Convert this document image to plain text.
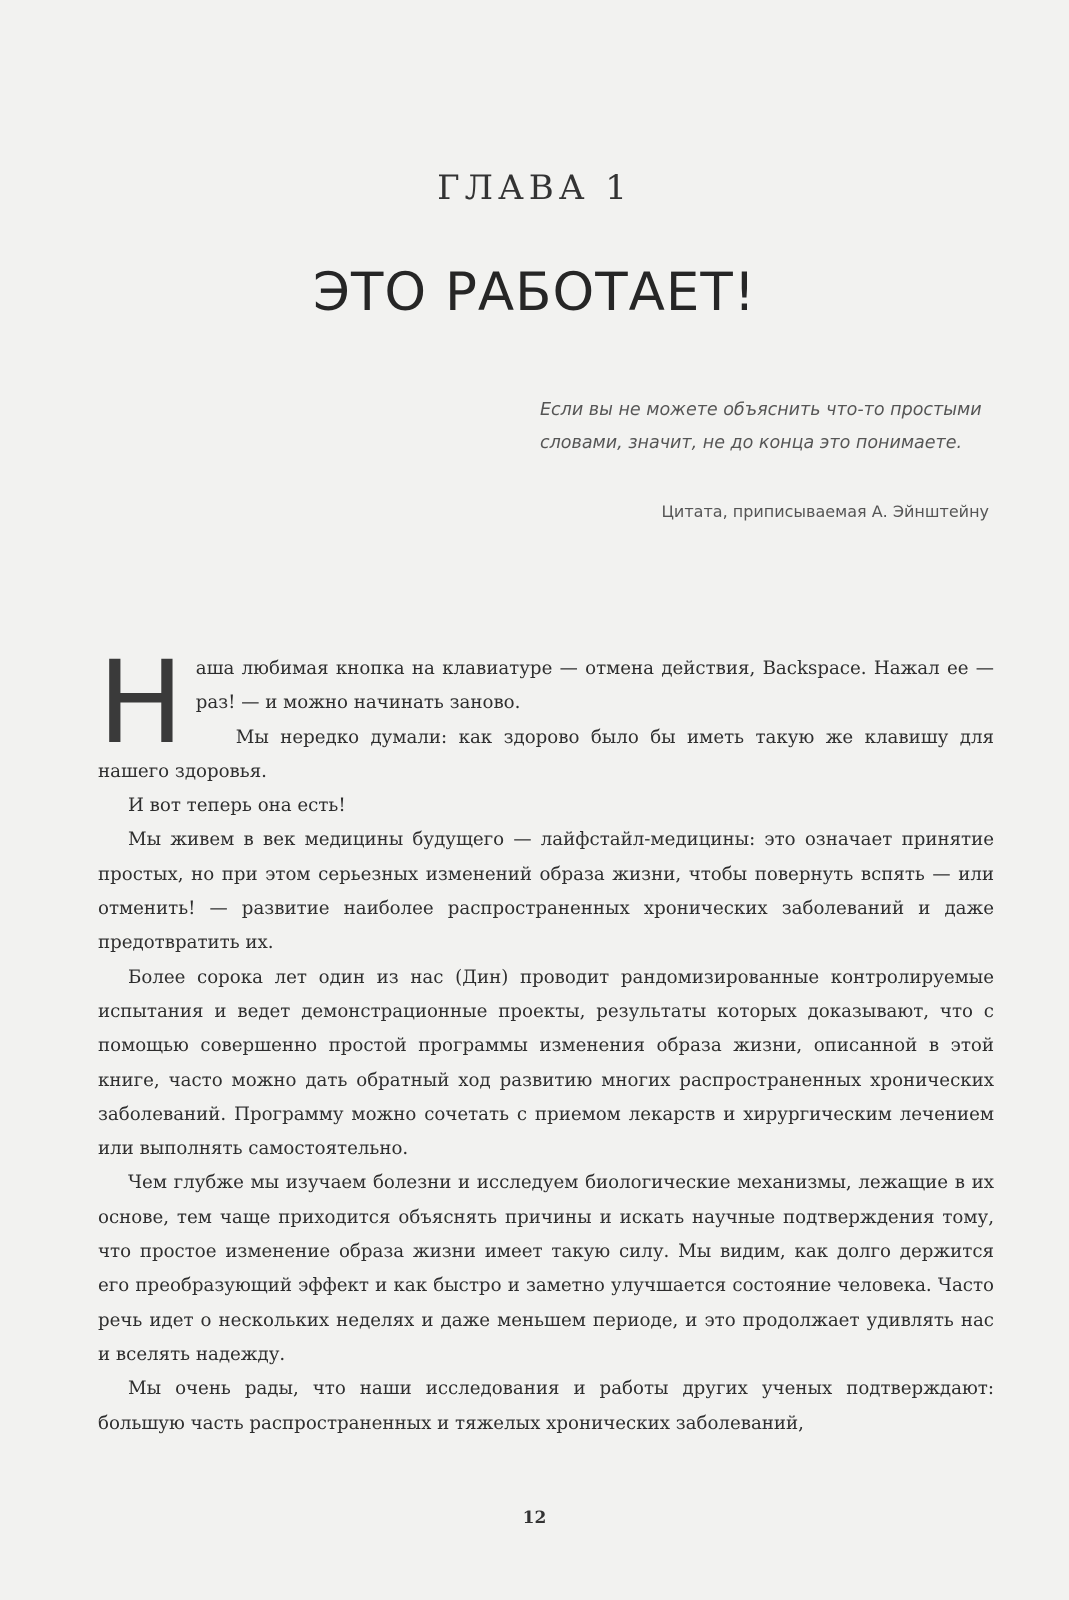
ГЛАВА 1
ЭТО РАБОТАЕТ!
Если вы не можете объяснить что-то простыми словами, значит, не до конца это понимаете.
Цитата, приписываемая А. Эйнштейну
Н аша любимая кнопка на клавиатуре — отмена действия, Backspace. Нажал ее — раз! — и можно начинать заново.

Мы нередко думали: как здорово было бы иметь такую же клавишу для нашего здоровья.

И вот теперь она есть!

Мы живем в век медицины будущего — лайфстайл-медицины: это означает принятие простых, но при этом серьезных изменений образа жизни, чтобы повернуть вспять — или отменить! — развитие наиболее распространенных хронических заболеваний и даже предотвратить их.

Более сорока лет один из нас (Дин) проводит рандомизированные контролируемые испытания и ведет демонстрационные проекты, результаты которых доказывают, что с помощью совершенно простой программы изменения образа жизни, описанной в этой книге, часто можно дать обратный ход развитию многих распространенных хронических заболеваний. Программу можно сочетать с приемом лекарств и хирургическим лечением или выполнять самостоятельно.

Чем глубже мы изучаем болезни и исследуем биологические механизмы, лежащие в их основе, тем чаще приходится объяснять причины и искать научные подтверждения тому, что простое изменение образа жизни имеет такую силу. Мы видим, как долго держится его преобразующий эффект и как быстро и заметно улучшается состояние человека. Часто речь идет о нескольких неделях и даже меньшем периоде, и это продолжает удивлять нас и вселять надежду.

Мы очень рады, что наши исследования и работы других ученых подтверждают: большую часть распространенных и тяжелых хронических заболеваний,

12
